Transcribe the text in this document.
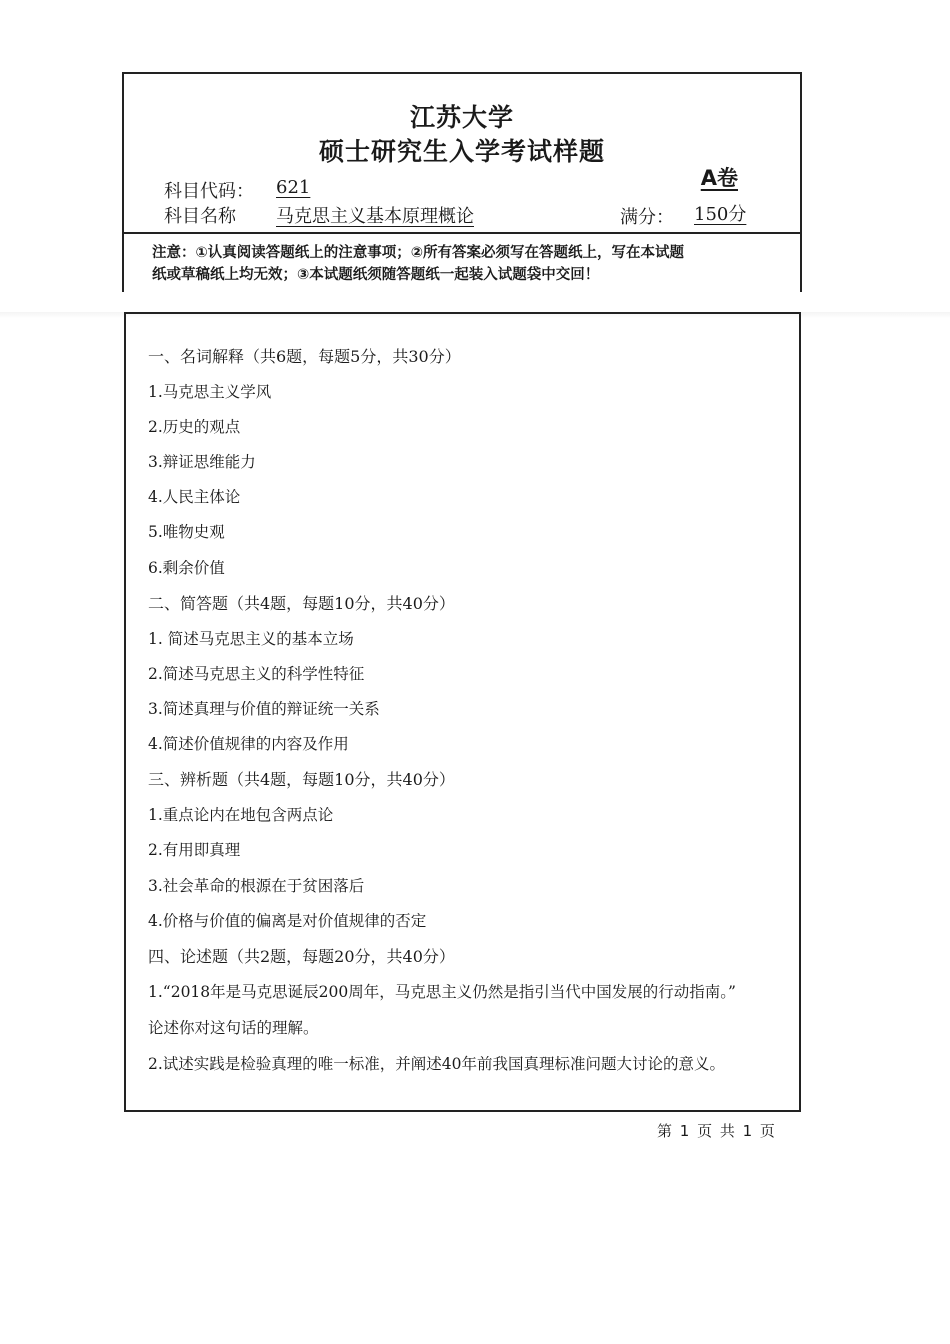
江苏大学
硕士研究生入学考试样题
科目代码： 621	A卷
科目名称 马克思主义基本原理概论	满分： 150分
注意：①认真阅读答题纸上的注意事项；②所有答案必须写在答题纸上，写在本试题
纸或草稿纸上均无效；③本试题纸须随答题纸一起装入试题袋中交回！
一、名词解释（共6题，每题5分，共30分）
1.马克思主义学风
2.历史的观点
3.辩证思维能力
4.人民主体论
5.唯物史观
6.剩余价值
二、简答题（共4题，每题10分，共40分）
1. 简述马克思主义的基本立场
2.简述马克思主义的科学性特征
3.简述真理与价值的辩证统一关系
4.简述价值规律的内容及作用
三、辨析题（共4题，每题10分，共40分）
1.重点论内在地包含两点论
2.有用即真理
3.社会革命的根源在于贫困落后
4.价格与价值的偏离是对价值规律的否定
四、论述题（共2题，每题20分，共40分）
1.“2018年是马克思诞辰200周年，马克思主义仍然是指引当代中国发展的行动指南。”
论述你对这句话的理解。
2.试述实践是检验真理的唯一标准，并阐述40年前我国真理标准问题大讨论的意义。
第 1 页 共 1 页
